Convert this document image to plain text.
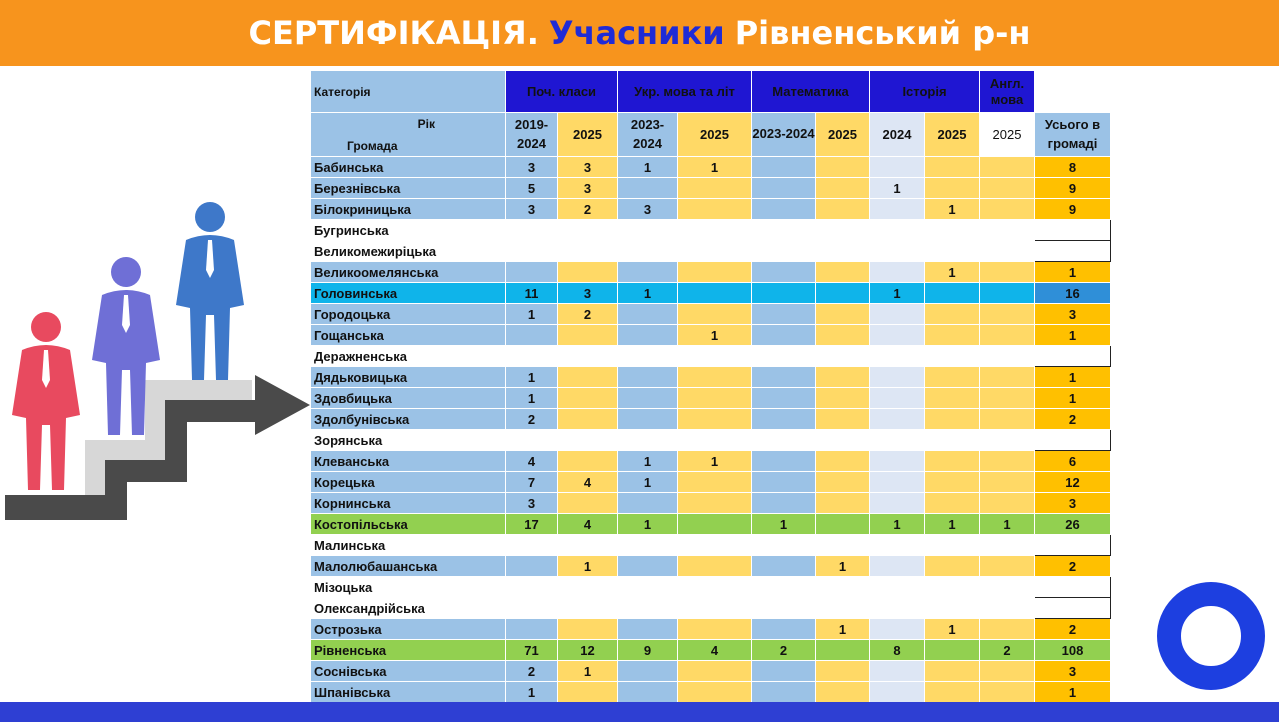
СЕРТИФІКАЦІЯ. Учасники Рівненський р-н
Категорія	Поч. класи		Укр. мова та літ		Математика		Історія		Англ. мова	

Рік
Громада	2019-2024	2025	2023-2024	2025	2023-2024	2025	2024	2025	2025	Усього в громаді
Бабинська	3	3	1	1						8
Березнівська	5	3					1			9
Білокриницька	3	2	3					1		9
Бугринська										
Великомежиріцька										
Великоомелянська								1		1
Головинська	11	3	1				1			16
Городоцька	1	2								3
Гощанська				1						1
Деражненська										
Дядьковицька	1									1
Здовбицька	1									1
Здолбунівська	2									2
Зорянська										
Клеванська	4		1	1						6
Корецька	7	4	1							12
Корнинська	3									3
Костопільська	17	4	1		1		1	1	1	26
Малинська										
Малолюбашанська		1				1				2
Мізоцька										
Олександрійська										
Острозька						1		1		2
Рівненська	71	12	9	4	2		8		2	108
Соснівська	2	1								3
Шпанівська	1									1
